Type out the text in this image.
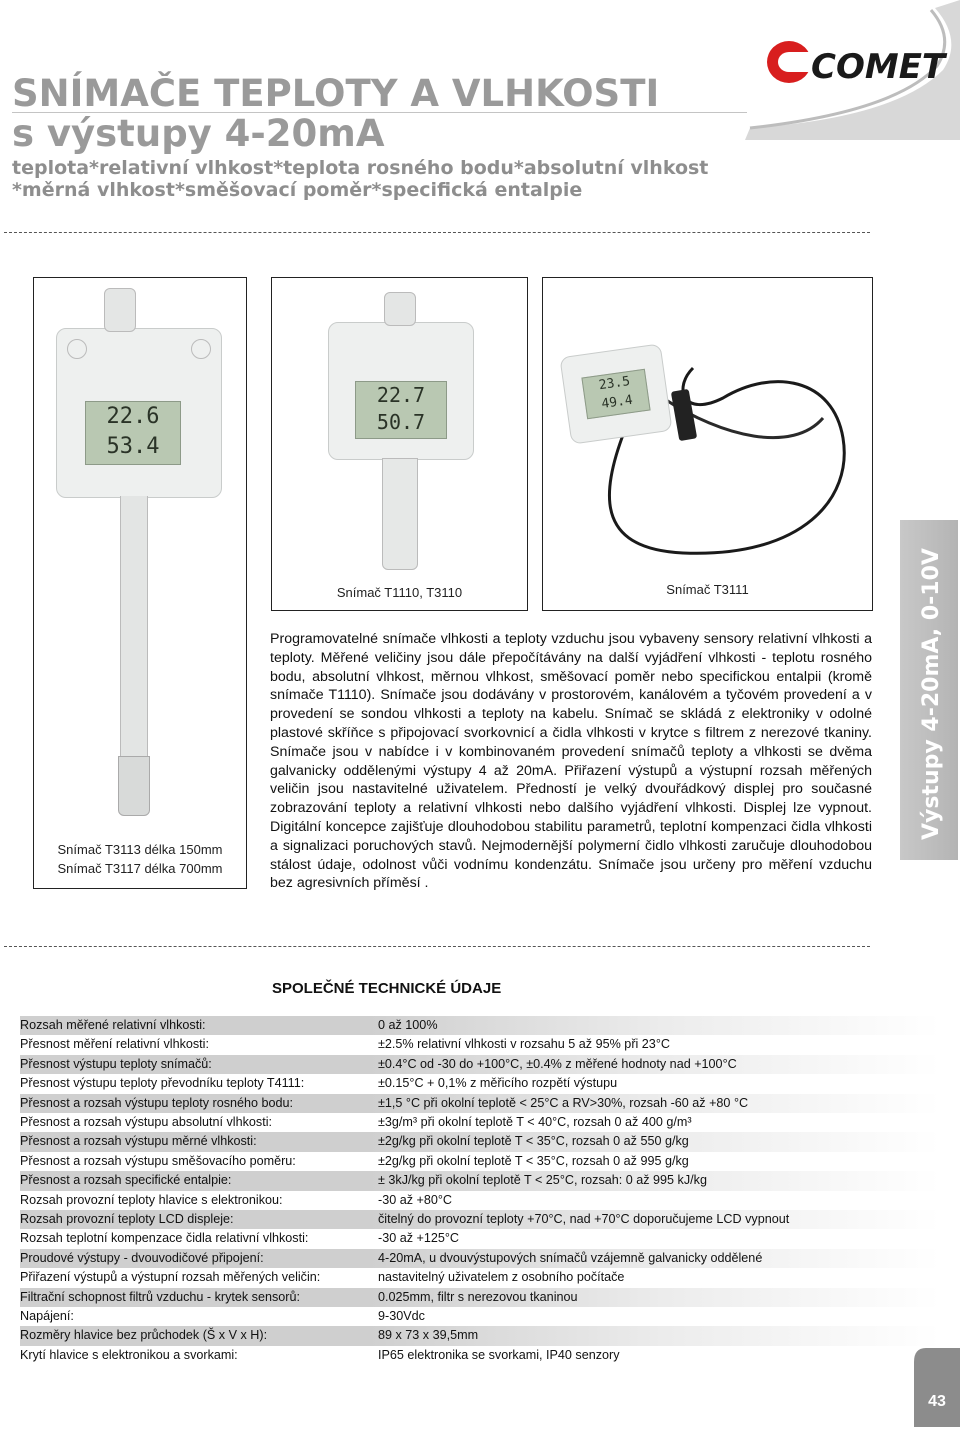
SNÍMAČE TEPLOTY A VLHKOSTI
s výstupy 4-20mA
teplota*relativní vlhkost*teplota rosného bodu*absolutní vlhkost
*měrná vlhkost*směšovací poměr*specifická entalpie
COMET
22.6
53.4
Snímač T3113 délka 150mm
Snímač T3117 délka 700mm
22.7
50.7
Snímač T1110, T3110
23.5
49.4
Snímač T3111
Programovatelné snímače vlhkosti a teploty vzduchu jsou vybaveny sensory relativní vlhkosti a teploty. Měřené veličiny jsou dále přepočítávány na další vyjádření vlhkosti - teplotu rosného bodu, absolutní vlhkost, měrnou vlhkost, směšovací poměr nebo specifickou entalpii (kromě snímače T1110). Snímače jsou dodávány v prostorovém, kanálovém a tyčovém provedení a v provedení se sondou vlhkosti a teploty na kabelu. Snímač se skládá z elektroniky v odolné plastové skříňce s připojovací svorkovnicí a čidla vlhkosti v krytce s filtrem z nerezové tkaniny. Snímače jsou v nabídce i v kombinovaném provedení snímačů teploty a vlhkosti se dvěma galvanicky oddělenými výstupy 4 až 20mA. Přiřazení výstupů a výstupní rozsah měřených veličin jsou nastavitelné uživatelem. Předností je velký dvouřádkový displej pro současné zobrazování teploty a relativní vlhkosti nebo dalšího vyjádření vlhkosti. Displej lze vypnout. Digitální koncepce zajišťuje dlouhodobou stabilitu parametrů, teplotní kompenzaci čidla vlhkosti a signalizaci poruchových stavů. Nejmodernější polymerní čidlo vlhkosti zaručuje dlouhodobou stálost údaje, odolnost vůči vodnímu kondenzátu. Snímače jsou určeny pro měření vzduchu bez agresivních příměsí .
Výstupy 4-20mA, 0-10V
SPOLEČNÉ TECHNICKÉ ÚDAJE
Rozsah měřené relativní vlhkosti:	0 až 100%
Přesnost měření relativní vlhkosti:	±2.5% relativní vlhkosti v rozsahu 5 až 95% při 23°C
Přesnost výstupu teploty snímačů:	±0.4°C od -30 do +100°C, ±0.4% z měřené hodnoty nad +100°C
Přesnost výstupu teploty převodníku teploty T4111:	±0.15°C + 0,1% z měřicího rozpětí výstupu
Přesnost a rozsah výstupu teploty rosného bodu:	±1,5 °C při okolní teplotě < 25°C a RV>30%, rozsah -60 až +80 °C
Přesnost a rozsah výstupu absolutní vlhkosti:	±3g/m³ při okolní teplotě T < 40°C, rozsah 0 až 400 g/m³
Přesnost a rozsah výstupu měrné vlhkosti:	±2g/kg při okolní teplotě T < 35°C, rozsah 0 až 550 g/kg
Přesnost a rozsah výstupu směšovacího poměru:	±2g/kg při okolní teplotě T < 35°C, rozsah 0 až 995 g/kg
Přesnost a rozsah specifické entalpie:	± 3kJ/kg při okolní teplotě T < 25°C, rozsah: 0 až 995 kJ/kg
Rozsah provozní teploty hlavice s elektronikou:	-30 až +80°C
Rozsah provozní teploty LCD displeje:	čitelný do provozní teploty +70°C, nad +70°C doporučujeme LCD vypnout
Rozsah teplotní kompenzace čidla relativní vlhkosti:	-30 až +125°C
Proudové výstupy - dvouvodičové připojení:	4-20mA, u dvouvýstupových snímačů vzájemně galvanicky oddělené
Přiřazení výstupů a výstupní rozsah měřených veličin:	nastavitelný uživatelem z osobního počítače
Filtrační schopnost filtrů vzduchu - krytek sensorů:	0.025mm, filtr s nerezovou tkaninou
Napájení:	9-30Vdc
Rozměry hlavice bez průchodek (Š x V x H):	89 x 73 x 39,5mm
Krytí hlavice s elektronikou a svorkami:	IP65 elektronika se svorkami, IP40 senzory
43
